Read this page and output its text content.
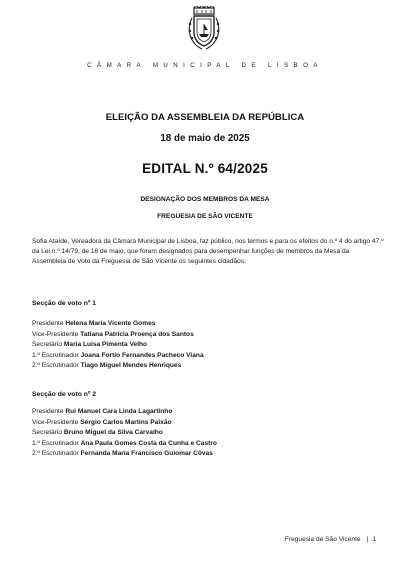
CÂMARA MUNICIPAL DE LISBOA
ELEIÇÃO DA ASSEMBLEIA DA REPÚBLICA
18 de maio de 2025
EDITAL N.º 64/2025
DESIGNAÇÃO DOS MEMBROS DA MESA
FREGUESIA DE SÃO VICENTE
Sofia Ataíde, Vereadora da Câmara Municipal de Lisboa, faz público, nos termos e para os efeitos do n.º 4 do artigo 47.º da Lei n.º 14/79, de 16 de maio, que foram designados para desempenhar funções de membros da Mesa da Assembleia de Voto da Freguesia de São Vicente os seguintes cidadãos:
Secção de voto nº 1
Presidente Helena Maria Vicente Gomes
Vice-Presidente Tatiana Patrícia Proença dos Santos
Secretário Maria Luísa Pimenta Velho
1.º Escrutinador Joana Fortio Fernandes Pacheco Viana
2.º Escrutinador Tiago Miguel Mendes Henriques
Secção de voto nº 2
Presidente Rui Manuel Cara Linda Lagartinho
Vice-Presidente Sérgio Carlos Martins Paixão
Secretário Bruno Miguel da Silva Carvalho
1.º Escrutinador Ana Paula Gomes Costa da Cunha e Castro
2.º Escrutinador Fernanda Maria Francisco Guiomar Côvas
Freguesia de São Vicente | 1
